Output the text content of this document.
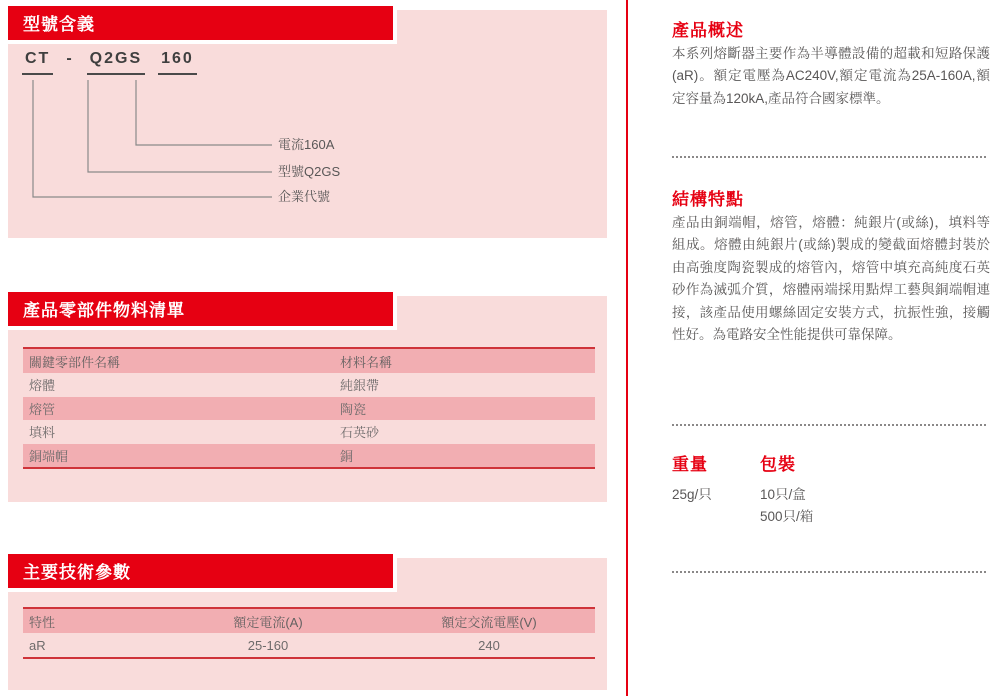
型號含義
產品零部件物料清單
主要技術參數
CT - Q2GS 160
電流160A
型號Q2GS
企業代號
關鍵零部件名稱	材料名稱
熔體	純銀帶
熔管	陶瓷
填料	石英砂
銅端帽	銅
特性	額定電流(A)	額定交流電壓(V)
aR	25-160	240
產品概述
本系列熔斷器主要作為半導體設備的超載和短路保護(aR)。額定電壓為AC240V,額定電流為25A-160A,額定容量為120kA,產品符合國家標準。
結構特點
產品由銅端帽，熔管，熔體：純銀片(或絲)，填料等組成。熔體由純銀片(或絲)製成的變截面熔體封裝於由高強度陶瓷製成的熔管內，熔管中填充高純度石英砂作為滅弧介質，熔體兩端採用點焊工藝與銅端帽連接，該產品使用螺絲固定安裝方式，抗振性強，接觸性好。為電路安全性能提供可靠保障。
重量	包裝
25g/只	10只/盒
500只/箱
